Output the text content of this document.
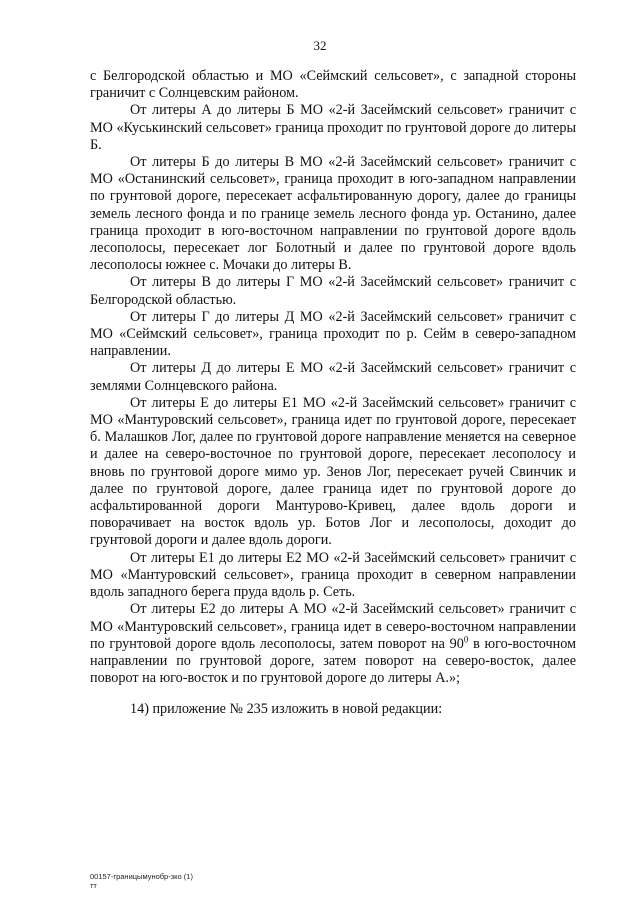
32

с Белгородской областью и МО «Сеймский сельсовет», с западной стороны граничит с Солнцевским районом.

От литеры А до литеры Б МО «2-й Засеймский сельсовет» граничит с МО «Куськинский сельсовет» граница проходит по грунтовой дороге до литеры Б.

От литеры Б до литеры В МО «2-й Засеймский сельсовет» граничит с МО «Останинский сельсовет», граница проходит в юго-западном направлении по грунтовой дороге, пересекает асфальтированную дорогу, далее до границы земель лесного фонда и по границе земель лесного фонда ур. Останино, далее граница проходит в юго-восточном направлении по грунтовой дороге вдоль лесополосы, пересекает лог Болотный и далее по грунтовой дороге вдоль лесополосы южнее с. Мочаки до литеры В.

От литеры В до литеры Г МО «2-й Засеймский сельсовет» граничит с Белгородской областью.

От литеры Г до литеры Д МО «2-й Засеймский сельсовет» граничит с МО «Сеймский сельсовет», граница проходит по р. Сейм в северо-западном направлении.

От литеры Д до литеры Е МО «2-й Засеймский сельсовет» граничит с землями Солнцевского района.

От литеры Е до литеры Е1 МО «2-й Засеймский сельсовет» граничит с МО «Мантуровский сельсовет», граница идет по грунтовой дороге, пересекает б. Малашков Лог, далее по грунтовой дороге направление меняется на северное и далее на северо-восточное по грунтовой дороге, пересекает лесополосу и вновь по грунтовой дороге мимо ур. Зенов Лог, пересекает ручей Свинчик и далее по грунтовой дороге, далее граница идет по грунтовой дороге до асфальтированной дороги Мантурово-Кривец, далее вдоль дороги и поворачивает на восток вдоль ур. Ботов Лог и лесополосы, доходит до грунтовой дороги и далее вдоль дороги.

От литеры Е1 до литеры Е2 МО «2-й Засеймский сельсовет» граничит с МО «Мантуровский сельсовет», граница проходит в северном направлении вдоль западного берега пруда вдоль р. Сеть.

От литеры Е2 до литеры А МО «2-й Засеймский сельсовет» граничит с МО «Мантуровский сельсовет», граница идет в северо-восточном направлении по грунтовой дороге вдоль лесополосы, затем поворот на $90^0$ в юго-восточном направлении по грунтовой дороге, затем поворот на северо-восток, далее поворот на юго-восток и по грунтовой дороге до литеры А.»;

14) приложение № 235 изложить в новой редакции:

00157-границымунобр-зко (1)
тт
